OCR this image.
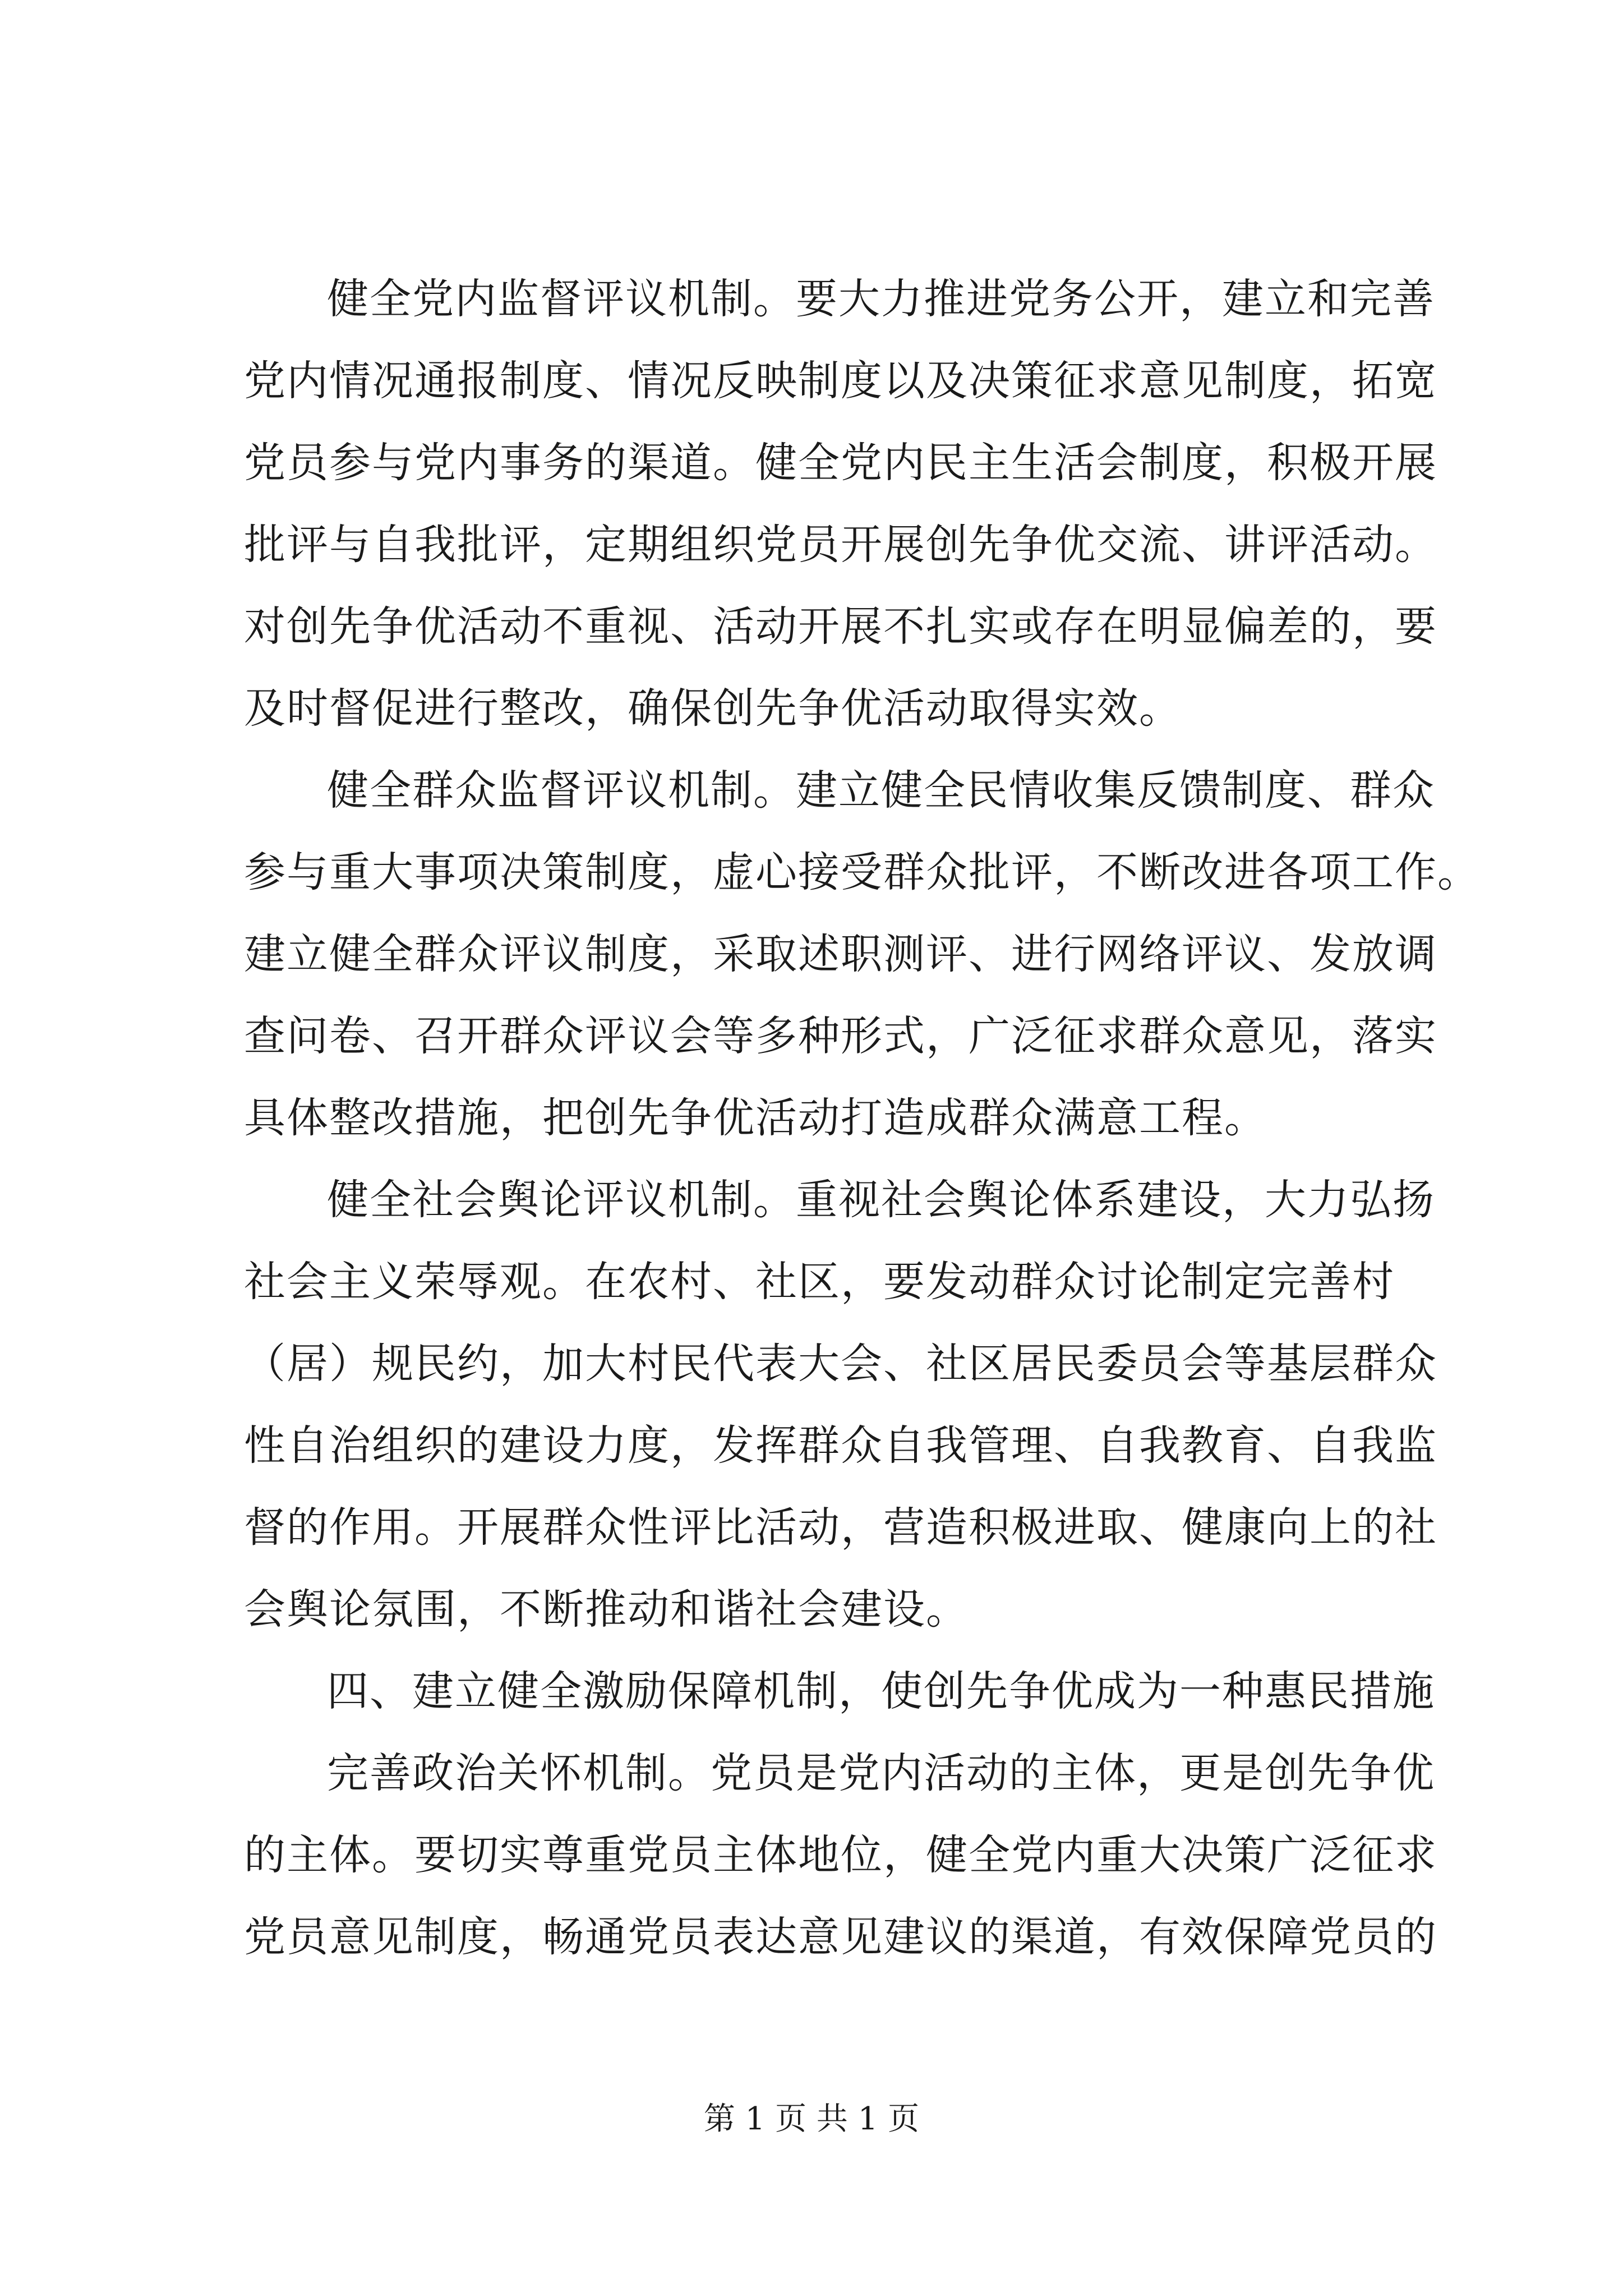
健全党内监督评议机制。要大力推进党务公开，建立和完善
党内情况通报制度、情况反映制度以及决策征求意见制度，拓宽
党员参与党内事务的渠道。健全党内民主生活会制度，积极开展
批评与自我批评，定期组织党员开展创先争优交流、讲评活动。
对创先争优活动不重视、活动开展不扎实或存在明显偏差的，要
及时督促进行整改，确保创先争优活动取得实效。
健全群众监督评议机制。建立健全民情收集反馈制度、群众
参与重大事项决策制度，虚心接受群众批评，不断改进各项工作。
建立健全群众评议制度，采取述职测评、进行网络评议、发放调
查问卷、召开群众评议会等多种形式，广泛征求群众意见，落实
具体整改措施，把创先争优活动打造成群众满意工程。
健全社会舆论评议机制。重视社会舆论体系建设，大力弘扬
社会主义荣辱观。在农村、社区，要发动群众讨论制定完善村
（居）规民约，加大村民代表大会、社区居民委员会等基层群众
性自治组织的建设力度，发挥群众自我管理、自我教育、自我监
督的作用。开展群众性评比活动，营造积极进取、健康向上的社
会舆论氛围，不断推动和谐社会建设。
四、建立健全激励保障机制，使创先争优成为一种惠民措施
完善政治关怀机制。党员是党内活动的主体，更是创先争优
的主体。要切实尊重党员主体地位，健全党内重大决策广泛征求
党员意见制度，畅通党员表达意见建议的渠道，有效保障党员的
第 1 页 共 1 页
